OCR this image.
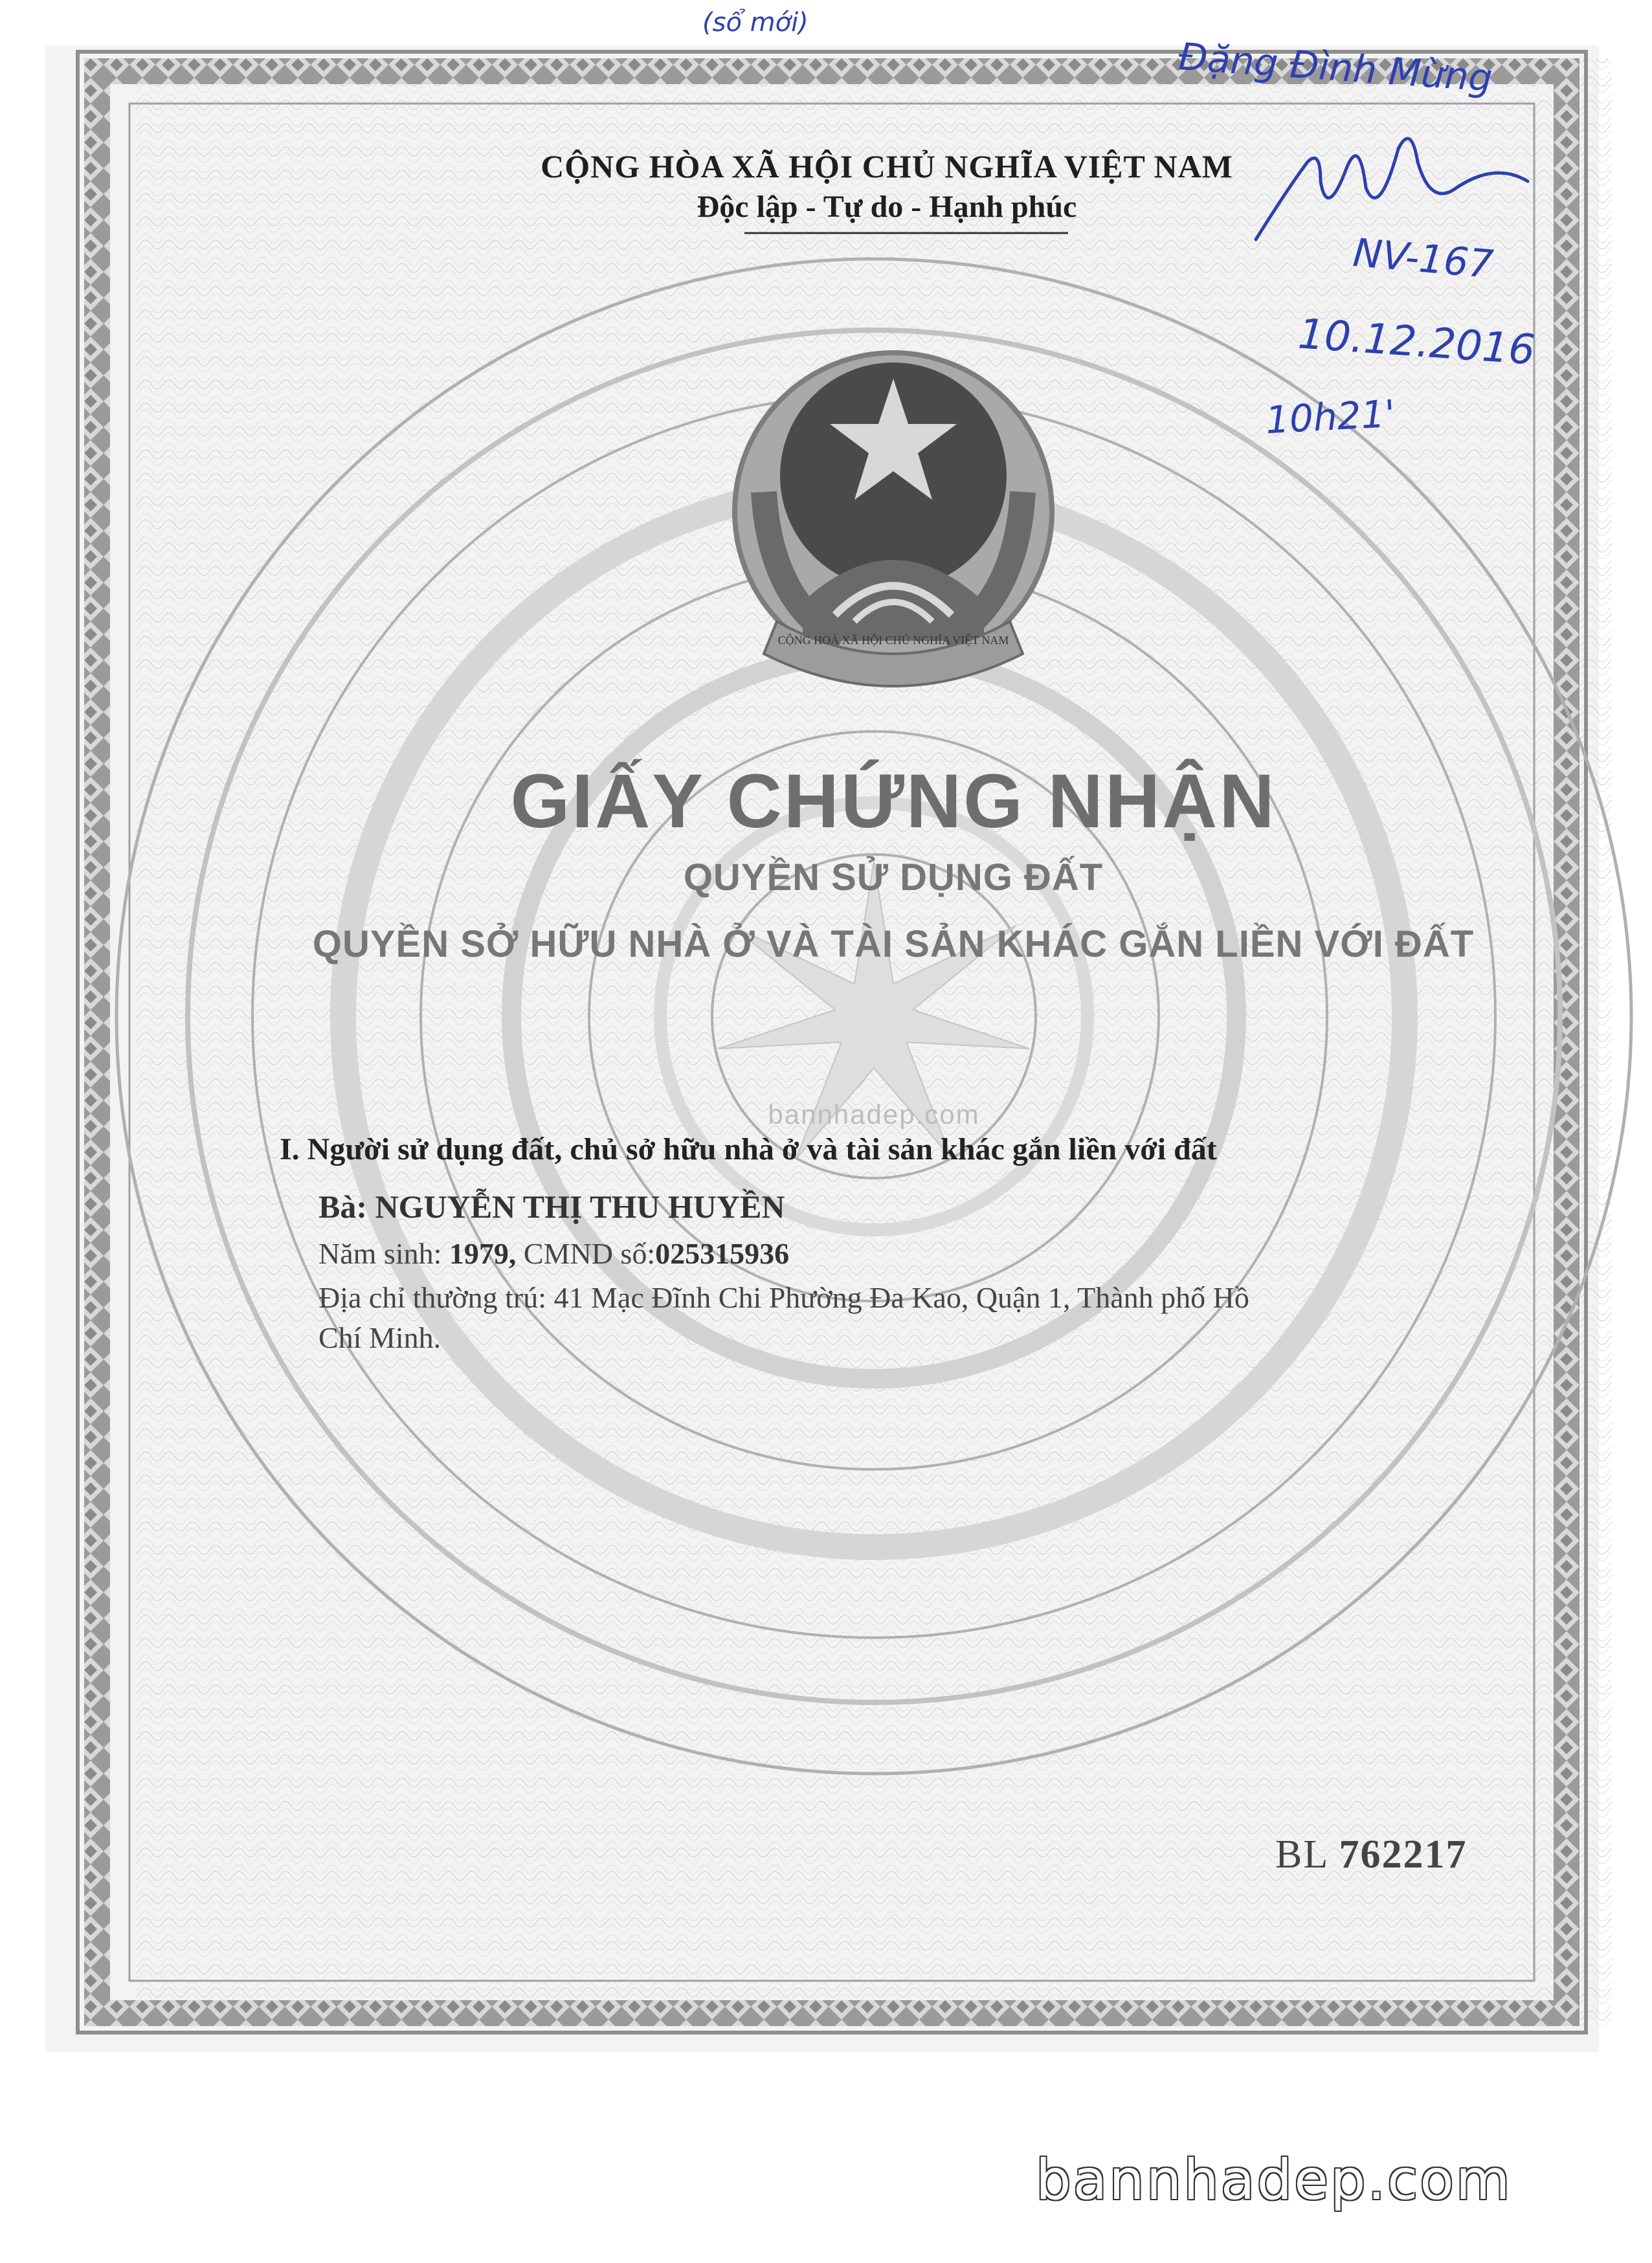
CỘNG HOÀ XÃ HỘI CHỦ NGHĨA VIỆT NAM
CỘNG HÒA XÃ HỘI CHỦ NGHĨA VIỆT NAM
Độc lập - Tự do - Hạnh phúc
GIẤY CHỨNG NHẬN
QUYỀN SỬ DỤNG ĐẤT
QUYỀN SỞ HỮU NHÀ Ở VÀ TÀI SẢN KHÁC GẮN LIỀN VỚI ĐẤT
bannhadep.com
I. Người sử dụng đất, chủ sở hữu nhà ở và tài sản khác gắn liền với đất
Bà: NGUYỄN THỊ THU HUYỀN
Năm sinh: 1979, CMND số:025315936
Địa chỉ thường trú: 41 Mạc Đĩnh Chi Phường Đa Kao, Quận 1, Thành phố Hồ
Chí Minh.
BL 762217
(sổ mới)
Đặng Đình Mừng
NV-167
10.12.2016
10h21'
bannhadep.com
